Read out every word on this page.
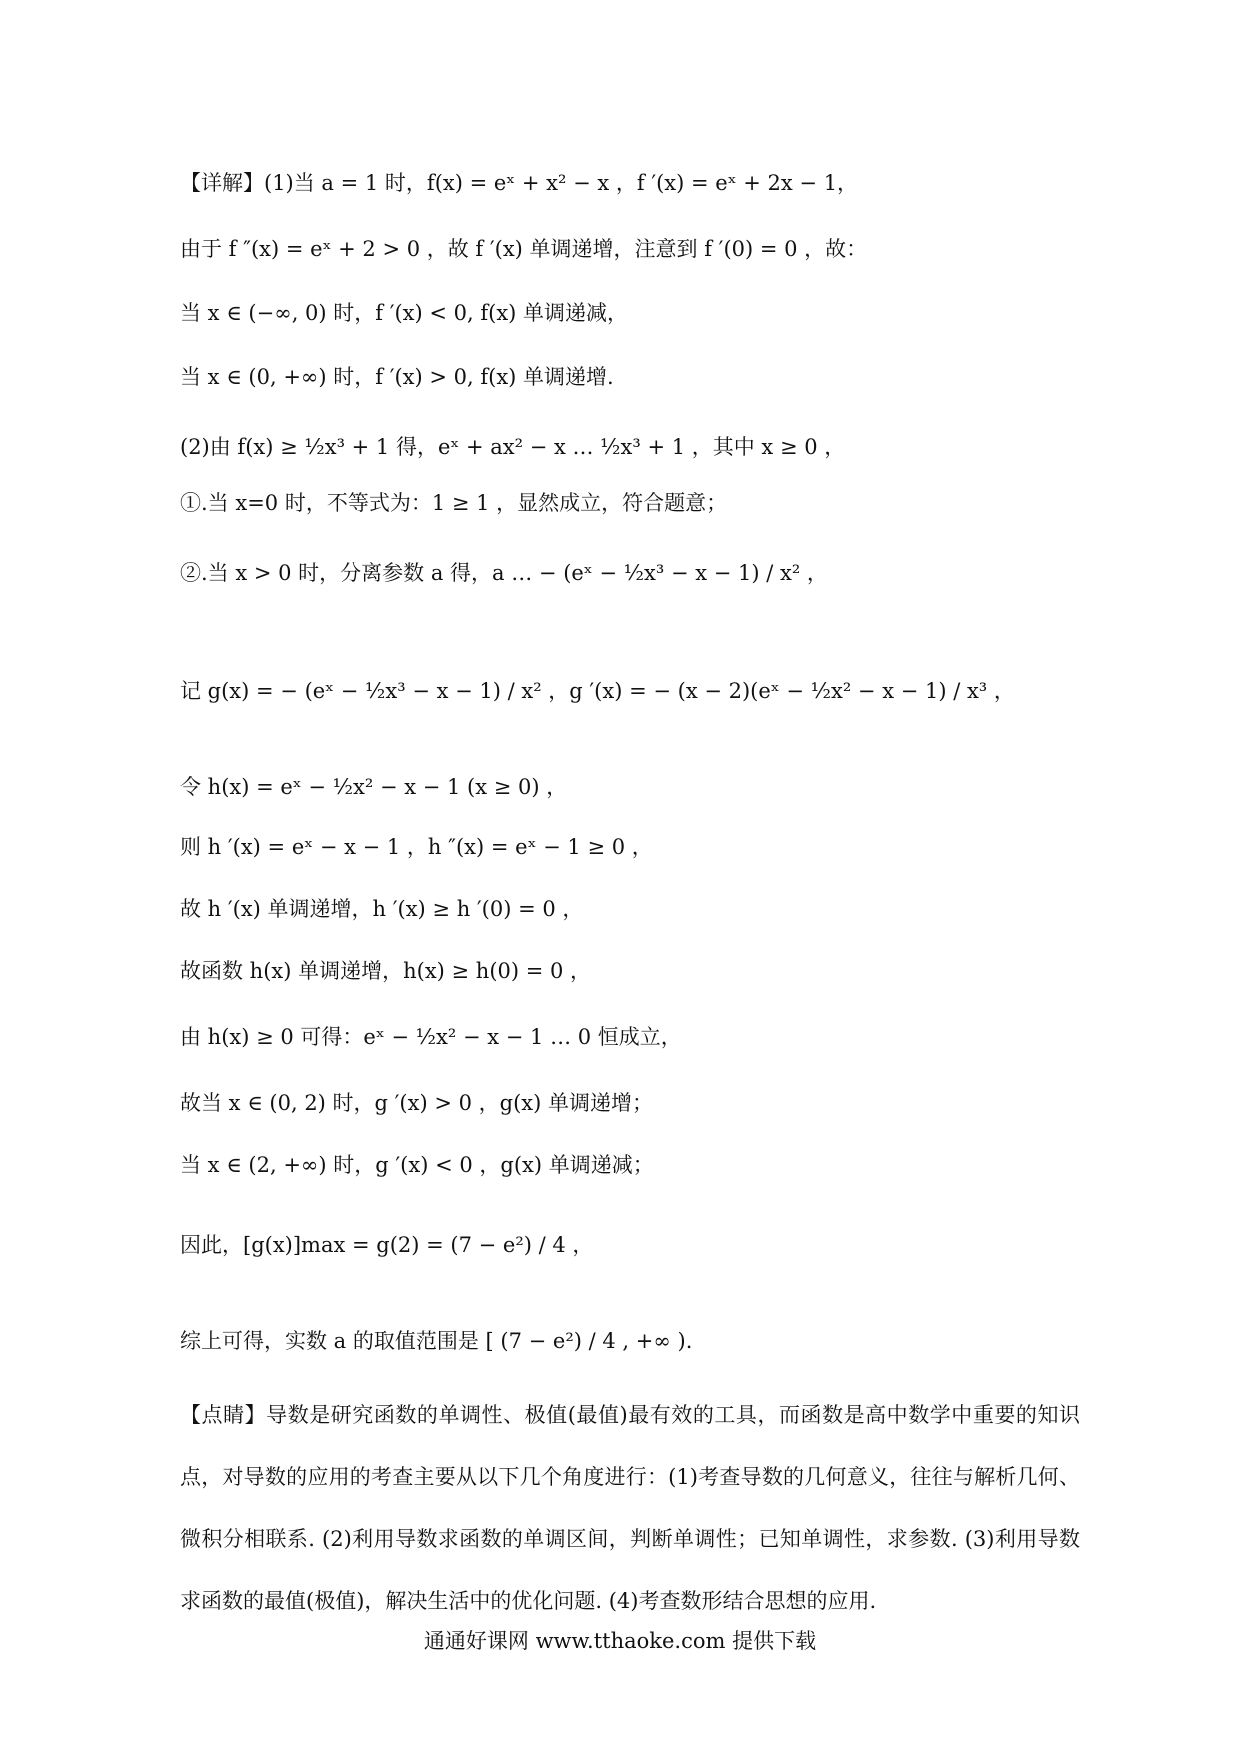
【详解】(1)当 a = 1 时，f(x) = eˣ + x² − x ，f ′(x) = eˣ + 2x − 1，
由于 f ″(x) = eˣ + 2 > 0 ，故 f ′(x) 单调递增，注意到 f ′(0) = 0 ，故：
当 x ∈ (−∞, 0) 时，f ′(x) < 0, f(x) 单调递减，
当 x ∈ (0, +∞) 时，f ′(x) > 0, f(x) 单调递增.
(2)由 f(x) ≥ ½x³ + 1 得，eˣ + ax² − x … ½x³ + 1 ，其中 x ≥ 0 ，
①.当 x=0 时，不等式为：1 ≥ 1 ，显然成立，符合题意；
②.当 x > 0 时，分离参数 a 得，a … − (eˣ − ½x³ − x − 1) / x² ，
记 g(x) = − (eˣ − ½x³ − x − 1) / x² ，g ′(x) = − (x − 2)(eˣ − ½x² − x − 1) / x³ ，
令 h(x) = eˣ − ½x² − x − 1 (x ≥ 0) ，
则 h ′(x) = eˣ − x − 1 ，h ″(x) = eˣ − 1 ≥ 0 ，
故 h ′(x) 单调递增，h ′(x) ≥ h ′(0) = 0 ，
故函数 h(x) 单调递增，h(x) ≥ h(0) = 0 ，
由 h(x) ≥ 0 可得：eˣ − ½x² − x − 1 … 0 恒成立，
故当 x ∈ (0, 2) 时，g ′(x) > 0 ，g(x) 单调递增；
当 x ∈ (2, +∞) 时，g ′(x) < 0 ，g(x) 单调递减；
因此，[g(x)]max = g(2) = (7 − e²) / 4 ，
综上可得，实数 a 的取值范围是 [ (7 − e²) / 4 , +∞ ).
【点睛】导数是研究函数的单调性、极值(最值)最有效的工具，而函数是高中数学中重要的知识点，对导数的应用的考查主要从以下几个角度进行：(1)考查导数的几何意义，往往与解析几何、微积分相联系. (2)利用导数求函数的单调区间，判断单调性；已知单调性，求参数. (3)利用导数求函数的最值(极值)，解决生活中的优化问题. (4)考查数形结合思想的应用.
通通好课网 www.tthaoke.com 提供下载
